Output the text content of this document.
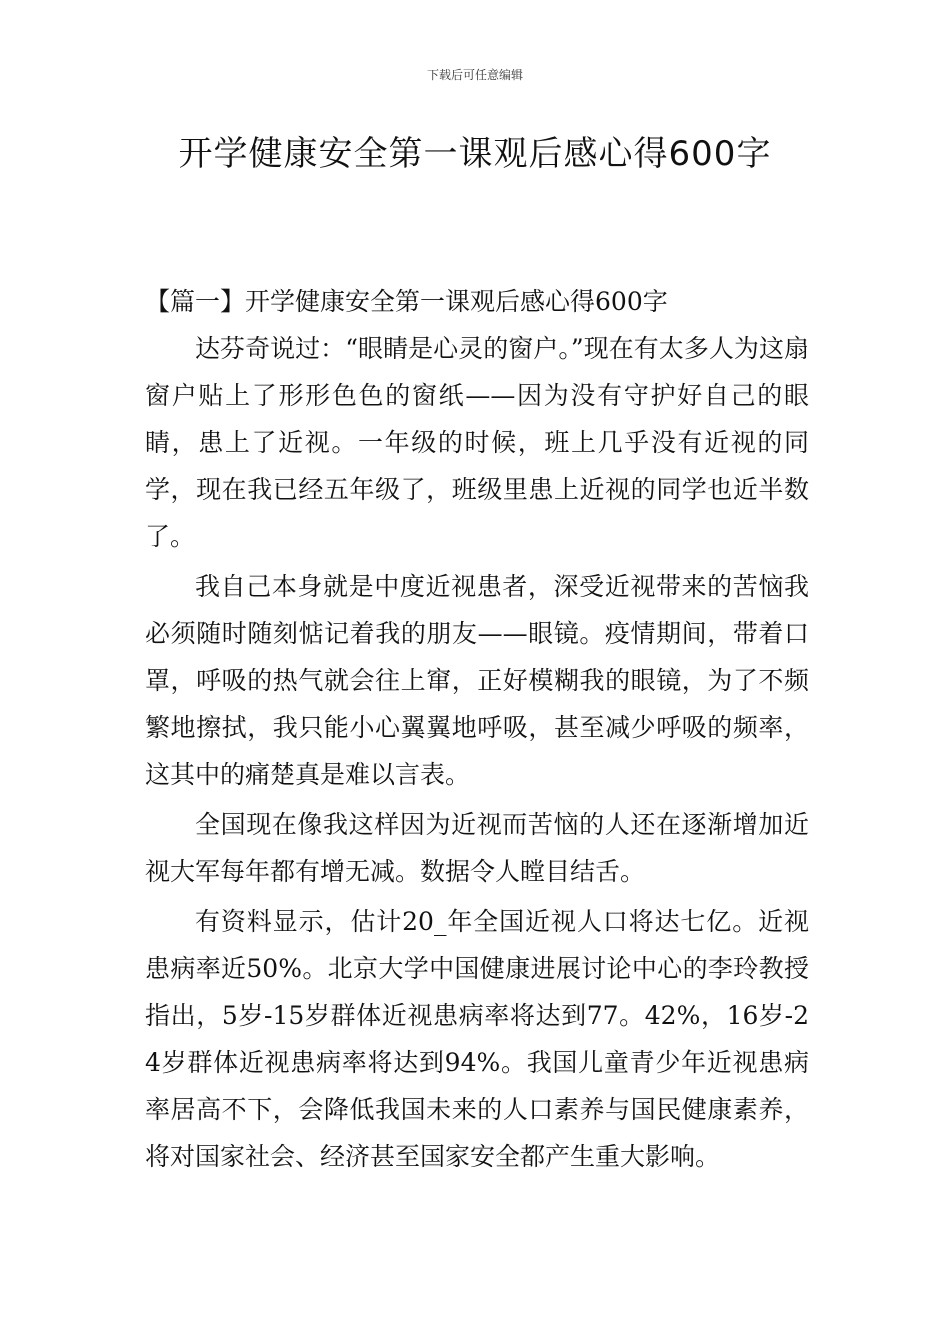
下载后可任意编辑
开学健康安全第一课观后感心得600字
【篇一】开学健康安全第一课观后感心得600字

达芬奇说过：“眼睛是心灵的窗户。”现在有太多人为这扇窗户贴上了形形色色的窗纸——因为没有守护好自己的眼睛，患上了近视。一年级的时候，班上几乎没有近视的同学，现在我已经五年级了，班级里患上近视的同学也近半数了。

我自己本身就是中度近视患者，深受近视带来的苦恼我必须随时随刻惦记着我的朋友——眼镜。疫情期间，带着口罩，呼吸的热气就会往上窜，正好模糊我的眼镜，为了不频繁地擦拭，我只能小心翼翼地呼吸，甚至减少呼吸的频率，这其中的痛楚真是难以言表。

全国现在像我这样因为近视而苦恼的人还在逐渐增加近视大军每年都有增无减。数据令人瞠目结舌。

有资料显示，估计20_年全国近视人口将达七亿。近视患病率近50%。北京大学中国健康进展讨论中心的李玲教授指出，5岁-15岁群体近视患病率将达到77。42%，16岁-24岁群体近视患病率将达到94%。我国儿童青少年近视患病率居高不下，会降低我国未来的人口素养与国民健康素养，将对国家社会、经济甚至国家安全都产生重大影响。
